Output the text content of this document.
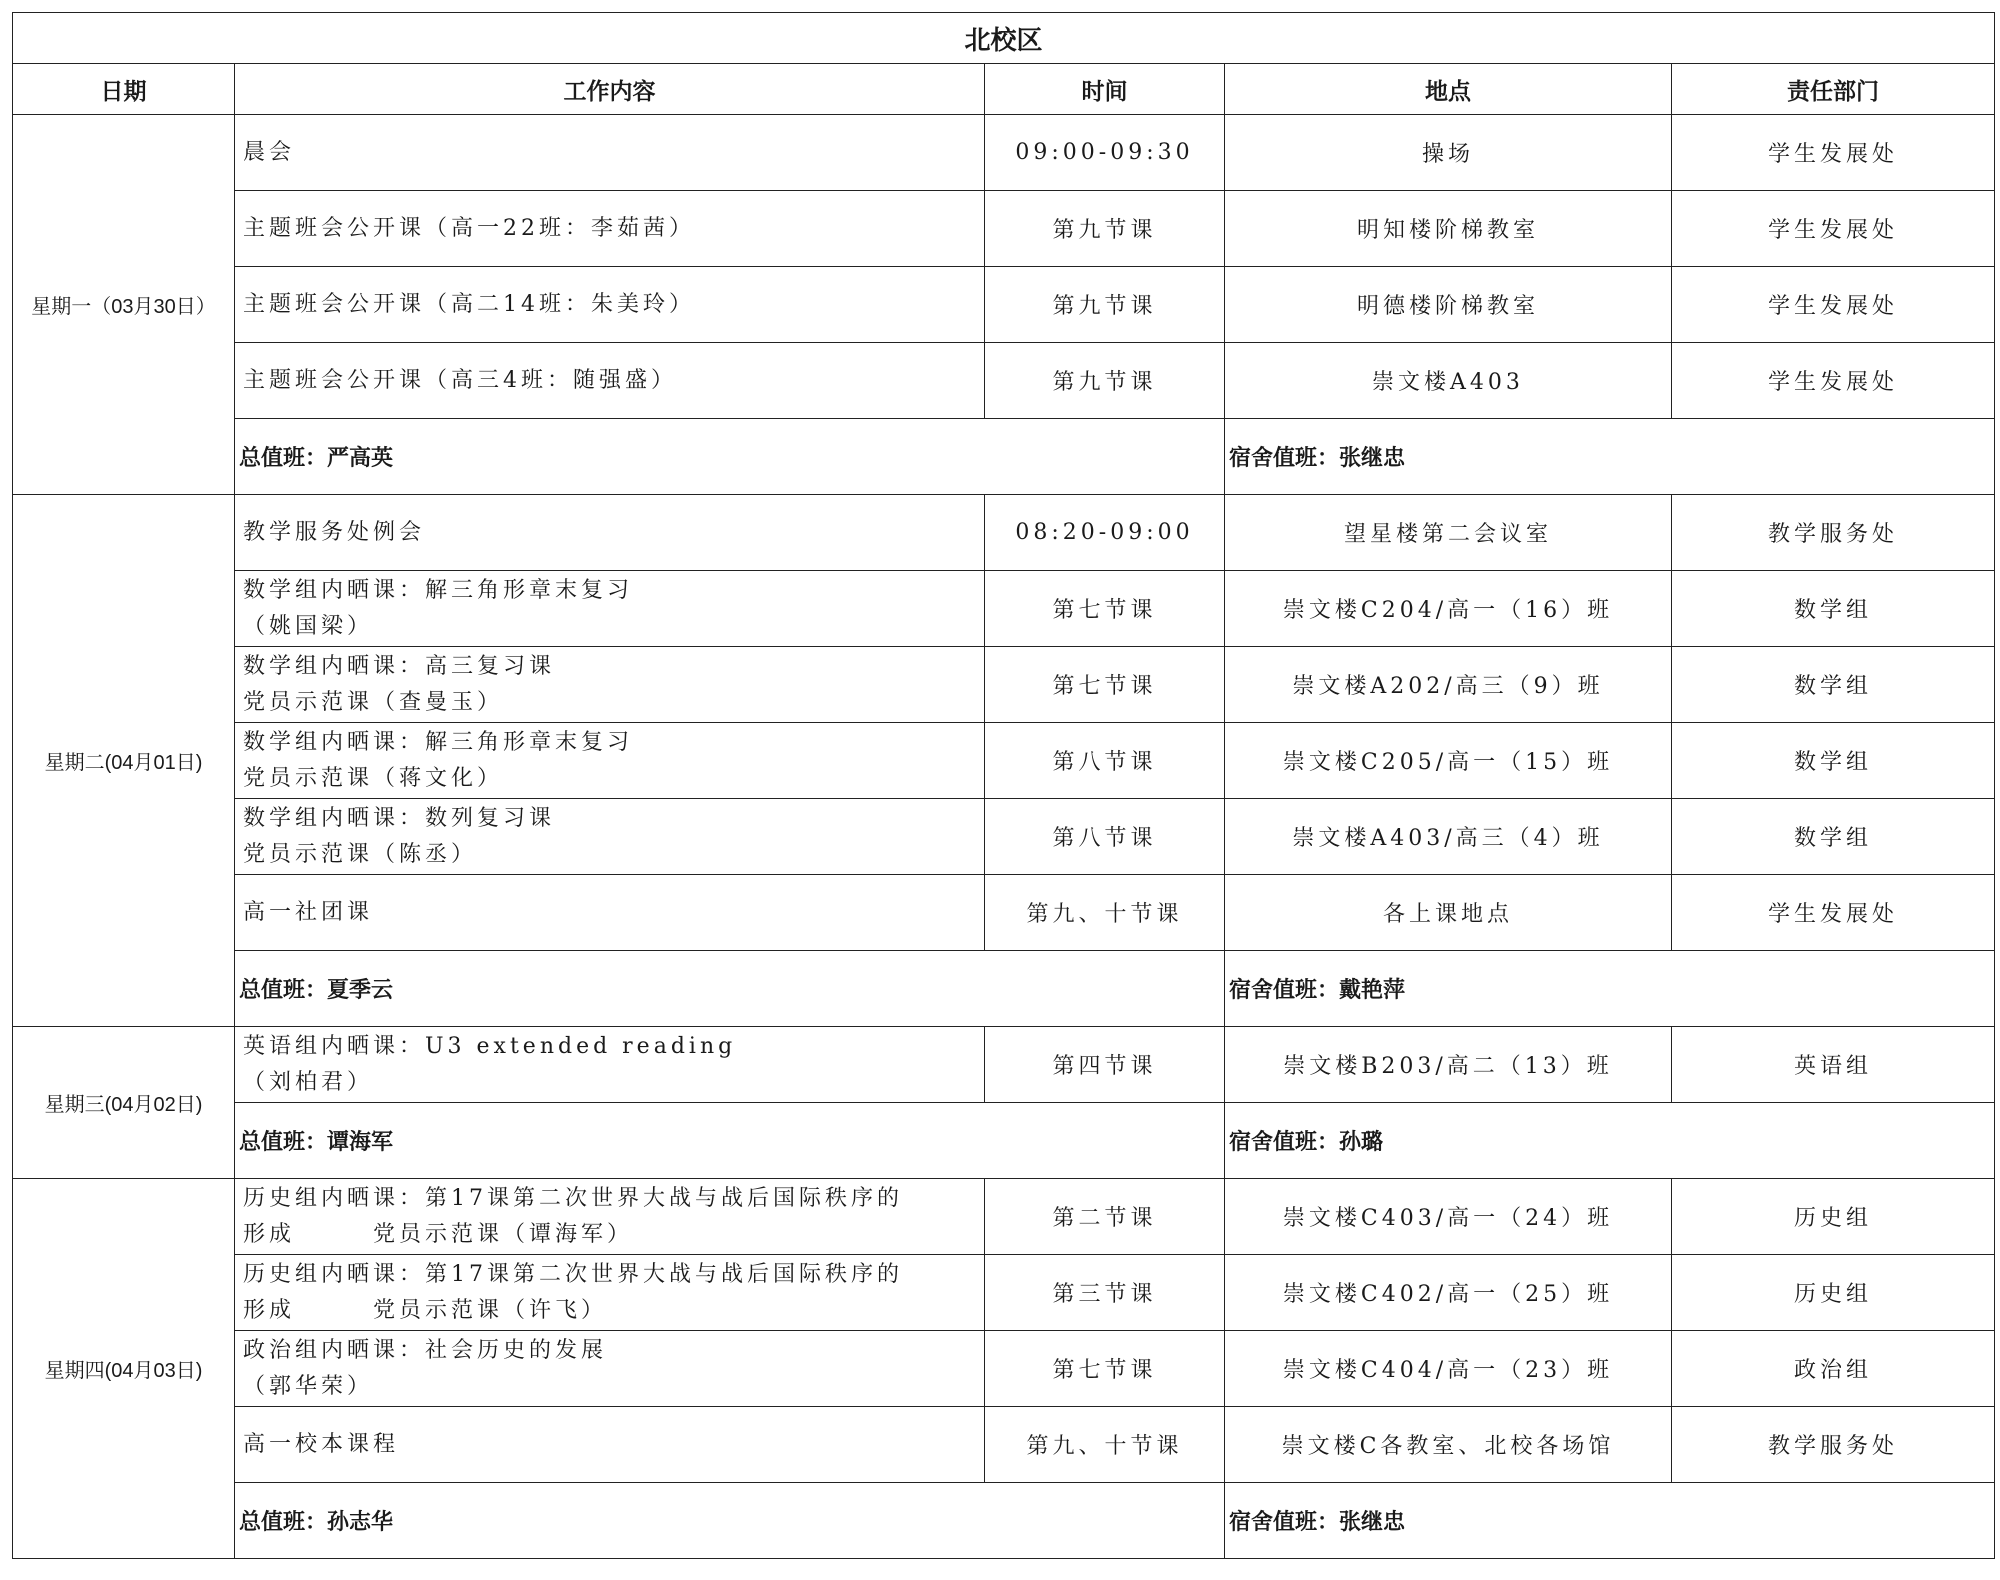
北校区				
日期	工作内容	时间	地点	责任部门
星期一（03月30日）	晨会	09:00-09:30	操场	学生发展处

	主题班会公开课（高一22班：李茹茜）	第九节课	明知楼阶梯教室	学生发展处

	主题班会公开课（高二14班：朱美玲）	第九节课	明德楼阶梯教室	学生发展处

	主题班会公开课（高三4班：随强盛）	第九节课	崇文楼A403	学生发展处
	总值班：严高英		宿舍值班：张继忠	
星期二(04月01日)	教学服务处例会	08:20-09:00	望星楼第二会议室	教学服务处

	数学组内晒课：解三角形章末复习
（姚国梁）	第七节课	崇文楼C204/高一（16）班	数学组

	数学组内晒课：高三复习课
党员示范课（查曼玉）	第七节课	崇文楼A202/高三（9）班	数学组

	数学组内晒课：解三角形章末复习
党员示范课（蒋文化）	第八节课	崇文楼C205/高一（15）班	数学组

	数学组内晒课：数列复习课
党员示范课（陈丞）	第八节课	崇文楼A403/高三（4）班	数学组

	高一社团课	第九、十节课	各上课地点	学生发展处
	总值班：夏季云		宿舍值班：戴艳萍	
星期三(04月02日)	英语组内晒课：U3 extended reading
（刘柏君）	第四节课	崇文楼B203/高二（13）班	英语组
	总值班：谭海军		宿舍值班：孙璐	
星期四(04月03日)	历史组内晒课：第17课第二次世界大战与战后国际秩序的
形成　　　党员示范课（谭海军）	第二节课	崇文楼C403/高一（24）班	历史组

	历史组内晒课：第17课第二次世界大战与战后国际秩序的
形成　　　党员示范课（许飞）	第三节课	崇文楼C402/高一（25）班	历史组

	政治组内晒课：社会历史的发展
（郭华荣）	第七节课	崇文楼C404/高一（23）班	政治组

	高一校本课程	第九、十节课	崇文楼C各教室、北校各场馆	教学服务处
	总值班：孙志华		宿舍值班：张继忠	
